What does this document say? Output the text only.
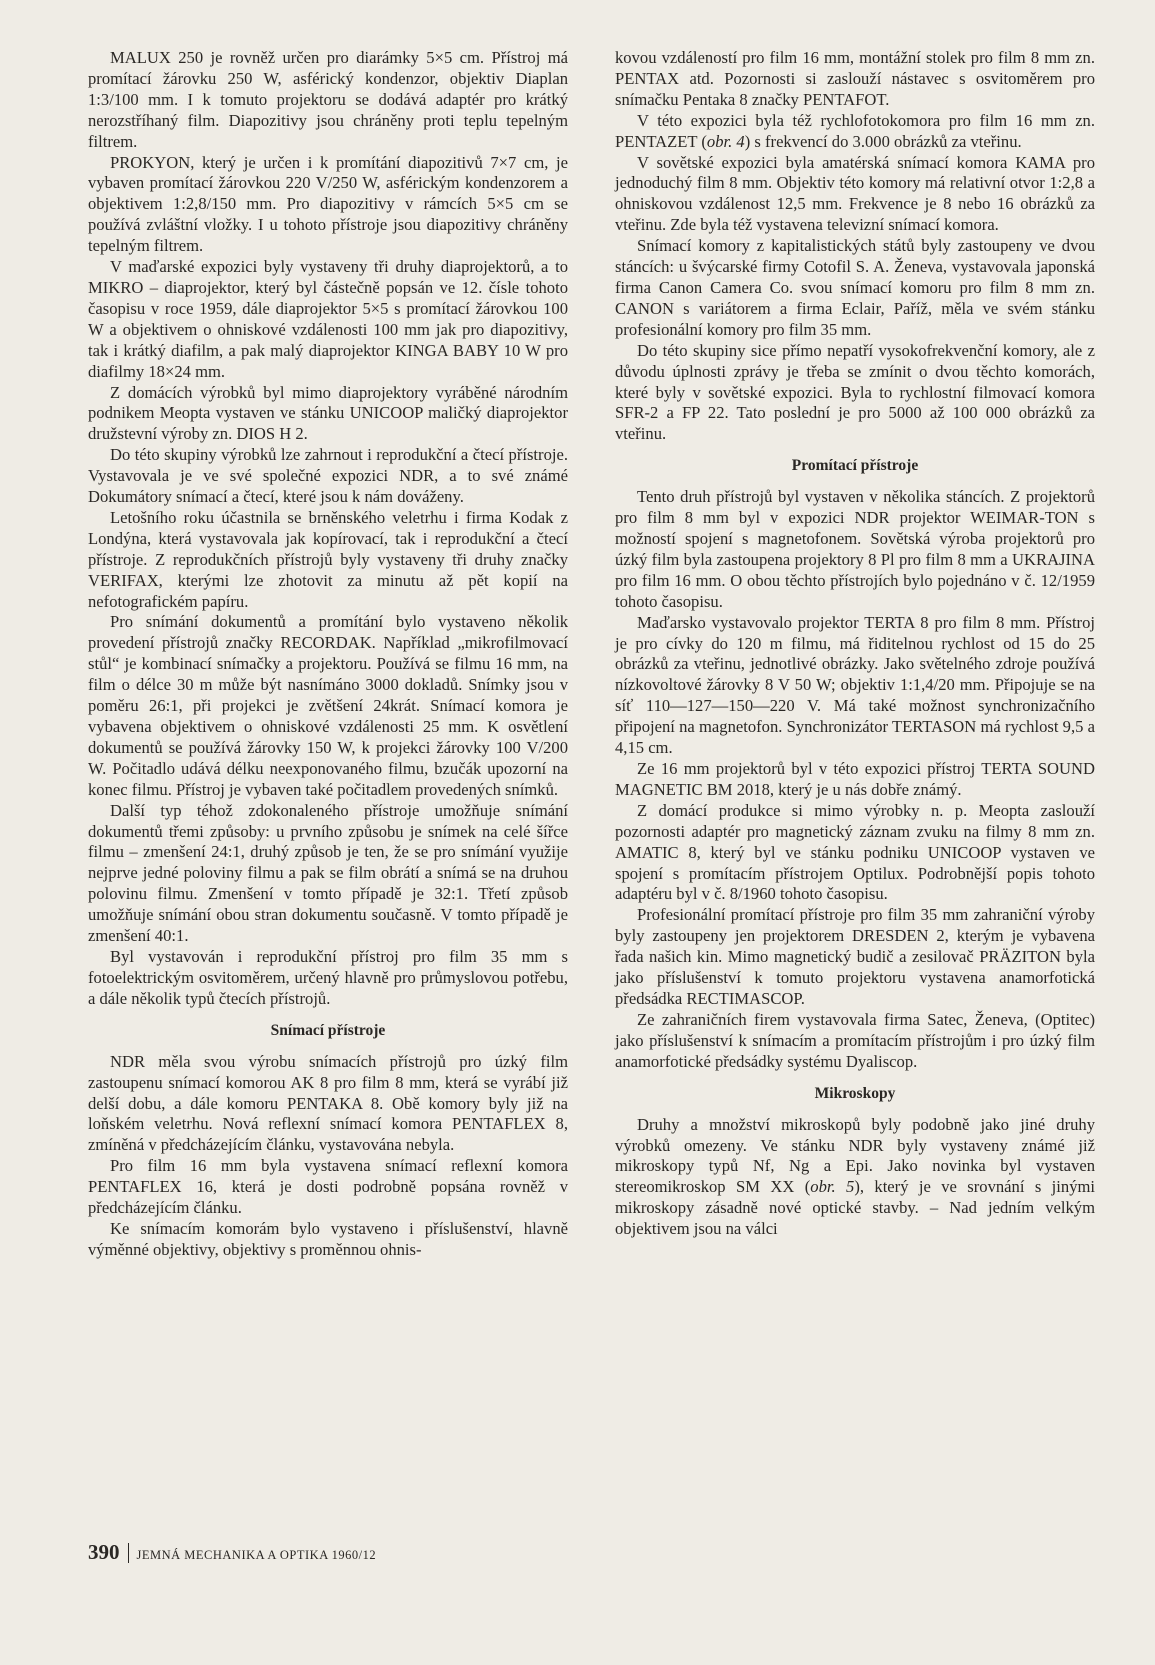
MALUX 250 je rovněž určen pro diarámky 5×5 cm. Přístroj má promítací žárovku 250 W, asférický kondenzor, objektiv Diaplan 1:3/100 mm. I k tomuto projektoru se dodává adaptér pro krátký nerozstříhaný film. Diapozitivy jsou chráněny proti teplu tepelným filtrem.

PROKYON, který je určen i k promítání diapozitivů 7×7 cm, je vybaven promítací žárovkou 220 V/250 W, asférickým kondenzorem a objektivem 1:2,8/150 mm. Pro diapozitivy v rámcích 5×5 cm se používá zvláštní vložky. I u tohoto přístroje jsou diapozitivy chráněny tepelným filtrem.

V maďarské expozici byly vystaveny tři druhy diaprojektorů, a to MIKRO – diaprojektor, který byl částečně popsán ve 12. čísle tohoto časopisu v roce 1959, dále diaprojektor 5×5 s promítací žárovkou 100 W a objektivem o ohniskové vzdálenosti 100 mm jak pro diapozitivy, tak i krátký diafilm, a pak malý diaprojektor KINGA BABY 10 W pro diafilmy 18×24 mm.

Z domácích výrobků byl mimo diaprojektory vyráběné národním podnikem Meopta vystaven ve stánku UNICOOP maličký diaprojektor družstevní výroby zn. DIOS H 2.

Do této skupiny výrobků lze zahrnout i reprodukční a čtecí přístroje. Vystavovala je ve své společné expozici NDR, a to své známé Dokumátory snímací a čtecí, které jsou k nám dováženy.

Letošního roku účastnila se brněnského veletrhu i firma Kodak z Londýna, která vystavovala jak kopírovací, tak i reprodukční a čtecí přístroje. Z reprodukčních přístrojů byly vystaveny tři druhy značky VERIFAX, kterými lze zhotovit za minutu až pět kopií na nefotografickém papíru.

Pro snímání dokumentů a promítání bylo vystaveno několik provedení přístrojů značky RECORDAK. Například „mikrofilmovací stůl“ je kombinací snímačky a projektoru. Používá se filmu 16 mm, na film o délce 30 m může být nasnímáno 3000 dokladů. Snímky jsou v poměru 26:1, při projekci je zvětšení 24krát. Snímací komora je vybavena objektivem o ohniskové vzdálenosti 25 mm. K osvětlení dokumentů se používá žárovky 150 W, k projekci žárovky 100 V/200 W. Počitadlo udává délku neexponovaného filmu, bzučák upozorní na konec filmu. Přístroj je vybaven také počitadlem provedených snímků.

Další typ téhož zdokonaleného přístroje umožňuje snímání dokumentů třemi způsoby: u prvního způsobu je snímek na celé šířce filmu – zmenšení 24:1, druhý způsob je ten, že se pro snímání využije nejprve jedné poloviny filmu a pak se film obrátí a snímá se na druhou polovinu filmu. Zmenšení v tomto případě je 32:1. Třetí způsob umožňuje snímání obou stran dokumentu současně. V tomto případě je zmenšení 40:1.

Byl vystavován i reprodukční přístroj pro film 35 mm s fotoelektrickým osvitoměrem, určený hlavně pro průmyslovou potřebu, a dále několik typů čtecích přístrojů.

Snímací přístroje

NDR měla svou výrobu snímacích přístrojů pro úzký film zastoupenu snímací komorou AK 8 pro film 8 mm, která se vyrábí již delší dobu, a dále komoru PENTAKA 8. Obě komory byly již na loňském veletrhu. Nová reflexní snímací komora PENTAFLEX 8, zmíněná v předcházejícím článku, vystavována nebyla.

Pro film 16 mm byla vystavena snímací reflexní komora PENTAFLEX 16, která je dosti podrobně popsána rovněž v předcházejícím článku.

Ke snímacím komorám bylo vystaveno i příslušenství, hlavně výměnné objektivy, objektivy s proměnnou ohnis-

kovou vzdáleností pro film 16 mm, montážní stolek pro film 8 mm zn. PENTAX atd. Pozornosti si zaslouží nástavec s osvitoměrem pro snímačku Pentaka 8 značky PENTAFOT.

V této expozici byla též rychlofotokomora pro film 16 mm zn. PENTAZET (obr. 4) s frekvencí do 3.000 obrázků za vteřinu.

V sovětské expozici byla amatérská snímací komora KAMA pro jednoduchý film 8 mm. Objektiv této komory má relativní otvor 1:2,8 a ohniskovou vzdálenost 12,5 mm. Frekvence je 8 nebo 16 obrázků za vteřinu. Zde byla též vystavena televizní snímací komora.

Snímací komory z kapitalistických států byly zastoupeny ve dvou stáncích: u švýcarské firmy Cotofil S. A. Ženeva, vystavovala japonská firma Canon Camera Co. svou snímací komoru pro film 8 mm zn. CANON s variátorem a firma Eclair, Paříž, měla ve svém stánku profesionální komory pro film 35 mm.

Do této skupiny sice přímo nepatří vysokofrekvenční komory, ale z důvodu úplnosti zprávy je třeba se zmínit o dvou těchto komorách, které byly v sovětské expozici. Byla to rychlostní filmovací komora SFR-2 a FP 22. Tato poslední je pro 5000 až 100 000 obrázků za vteřinu.

Promítací přístroje

Tento druh přístrojů byl vystaven v několika stáncích. Z projektorů pro film 8 mm byl v expozici NDR projektor WEIMAR-TON s možností spojení s magnetofonem. Sovětská výroba projektorů pro úzký film byla zastoupena projektory 8 Pl pro film 8 mm a UKRAJINA pro film 16 mm. O obou těchto přístrojích bylo pojednáno v č. 12/1959 tohoto časopisu.

Maďarsko vystavovalo projektor TERTA 8 pro film 8 mm. Přístroj je pro cívky do 120 m filmu, má řiditelnou rychlost od 15 do 25 obrázků za vteřinu, jednotlivé obrázky. Jako světelného zdroje používá nízkovoltové žárovky 8 V 50 W; objektiv 1:1,4/20 mm. Připojuje se na síť 110—127—150—220 V. Má také možnost synchronizačního připojení na magnetofon. Synchronizátor TERTASON má rychlost 9,5 a 4,15 cm.

Ze 16 mm projektorů byl v této expozici přístroj TERTA SOUND MAGNETIC BM 2018, který je u nás dobře známý.

Z domácí produkce si mimo výrobky n. p. Meopta zaslouží pozornosti adaptér pro magnetický záznam zvuku na filmy 8 mm zn. AMATIC 8, který byl ve stánku podniku UNICOOP vystaven ve spojení s promítacím přístrojem Optilux. Podrobnější popis tohoto adaptéru byl v č. 8/1960 tohoto časopisu.

Profesionální promítací přístroje pro film 35 mm zahraniční výroby byly zastoupeny jen projektorem DRESDEN 2, kterým je vybavena řada našich kin. Mimo magnetický budič a zesilovač PRÄZITON byla jako příslušenství k tomuto projektoru vystavena anamorfotická předsádka RECTIMASCOP.

Ze zahraničních firem vystavovala firma Satec, Ženeva, (Optitec) jako příslušenství k snímacím a promítacím přístrojům i pro úzký film anamorfotické předsádky systému Dyaliscop.

Mikroskopy

Druhy a množství mikroskopů byly podobně jako jiné druhy výrobků omezeny. Ve stánku NDR byly vystaveny známé již mikroskopy typů Nf, Ng a Epi. Jako novinka byl vystaven stereomikroskop SM XX (obr. 5), který je ve srovnání s jinými mikroskopy zásadně nové optické stavby. – Nad jedním velkým objektivem jsou na válci

390 JEMNÁ MECHANIKA A OPTIKA 1960/12
